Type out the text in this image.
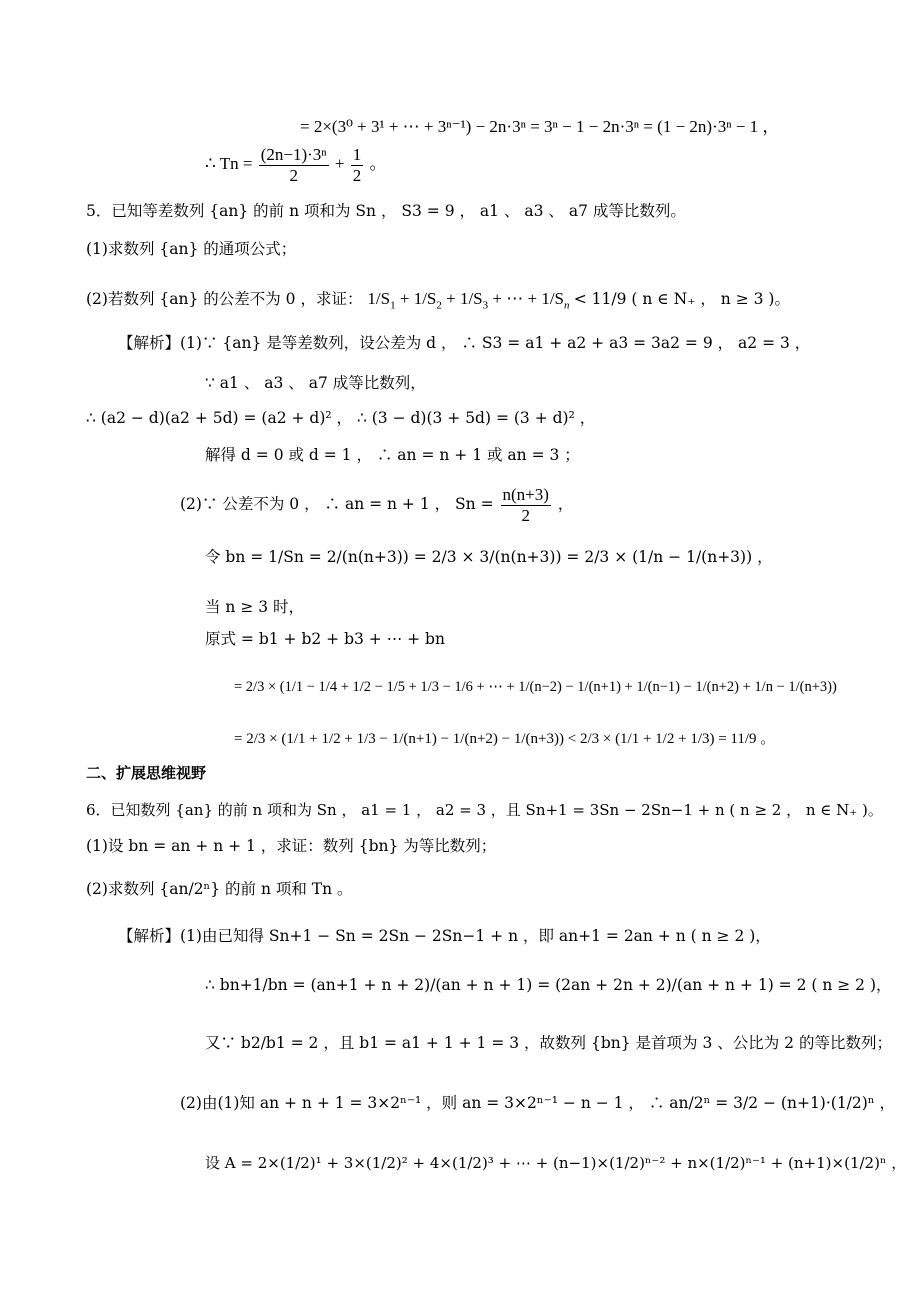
= 2×(3⁰ + 3¹ + ⋯ + 3ⁿ⁻¹) − 2n·3ⁿ = 3ⁿ − 1 − 2n·3ⁿ = (1 − 2n)·3ⁿ − 1 ，
∴ $Tn = \frac{\text{(2n−1)·3ⁿ}}{2} + \frac{1}{2}$ 。
5．已知等差数列 {an} 的前 n 项和为 Sn ， S3 = 9 ， a1 、 a3 、 a7 成等比数列。
(1)求数列 {an} 的通项公式；
(2)若数列 {an} 的公差不为 0 ，求证： $1/S_1 + 1/S_2 + 1/S_3$ + ⋯ + $1/S_n < 11/9$ ( n ∈ N₊ ， n ≥ 3 )。
【解析】(1)∵ {an} 是等差数列，设公差为 d ， ∴ S3 = a1 + a2 + a3 = 3a2 = 9 ， a2 = 3 ，
∵ a1 、 a3 、 a7 成等比数列，
∴ (a2 − d)(a2 + 5d) = (a2 + d)² ， ∴ (3 − d)(3 + 5d) = (3 + d)² ，
解得 d = 0 或 d = 1 ， ∴ an = n + 1 或 an = 3 ；
(2)∵ 公差不为 0 ， ∴ an = n + 1 ， $Sn = \frac{n(n+3)}{2}$ ，
令 bn = 1/Sn = 2/(n(n+3)) = 2/3 × 3/(n(n+3)) = 2/3 × (1/n − 1/(n+3)) ，
当 n ≥ 3 时，
原式 = b1 + b2 + b3 + ⋯ + bn
= 2/3 × (1/1 − 1/4 + 1/2 − 1/5 + 1/3 − 1/6 + ⋯ + 1/(n−2) − 1/(n+1) + 1/(n−1) − 1/(n+2) + 1/n − 1/(n+3))
= 2/3 × (1/1 + 1/2 + 1/3 − 1/(n+1) − 1/(n+2) − 1/(n+3)) < 2/3 × (1/1 + 1/2 + 1/3) = 11/9 。
二、扩展思维视野
6．已知数列 {an} 的前 n 项和为 Sn ， a1 = 1 ， a2 = 3 ，且 Sn+1 = 3Sn − 2Sn−1 + n ( n ≥ 2 ， n ∈ N₊ )。
(1)设 bn = an + n + 1 ，求证：数列 {bn} 为等比数列；
(2)求数列 {an/2ⁿ} 的前 n 项和 Tn 。
【解析】(1)由已知得 Sn+1 − Sn = 2Sn − 2Sn−1 + n ，即 an+1 = 2an + n ( n ≥ 2 )，
∴ bn+1/bn = (an+1 + n + 2)/(an + n + 1) = (2an + 2n + 2)/(an + n + 1) = 2 ( n ≥ 2 )，
又∵ b2/b1 = 2 ，且 b1 = a1 + 1 + 1 = 3 ，故数列 {bn} 是首项为 3 、公比为 2 的等比数列；
(2)由(1)知 an + n + 1 = 3×2ⁿ⁻¹ ，则 an = 3×2ⁿ⁻¹ − n − 1 ， ∴ an/2ⁿ = 3/2 − (n+1)·(1/2)ⁿ ，
设 A = 2×(1/2)¹ + 3×(1/2)² + 4×(1/2)³ + ⋯ + (n−1)×(1/2)ⁿ⁻² + n×(1/2)ⁿ⁻¹ + (n+1)×(1/2)ⁿ ，
